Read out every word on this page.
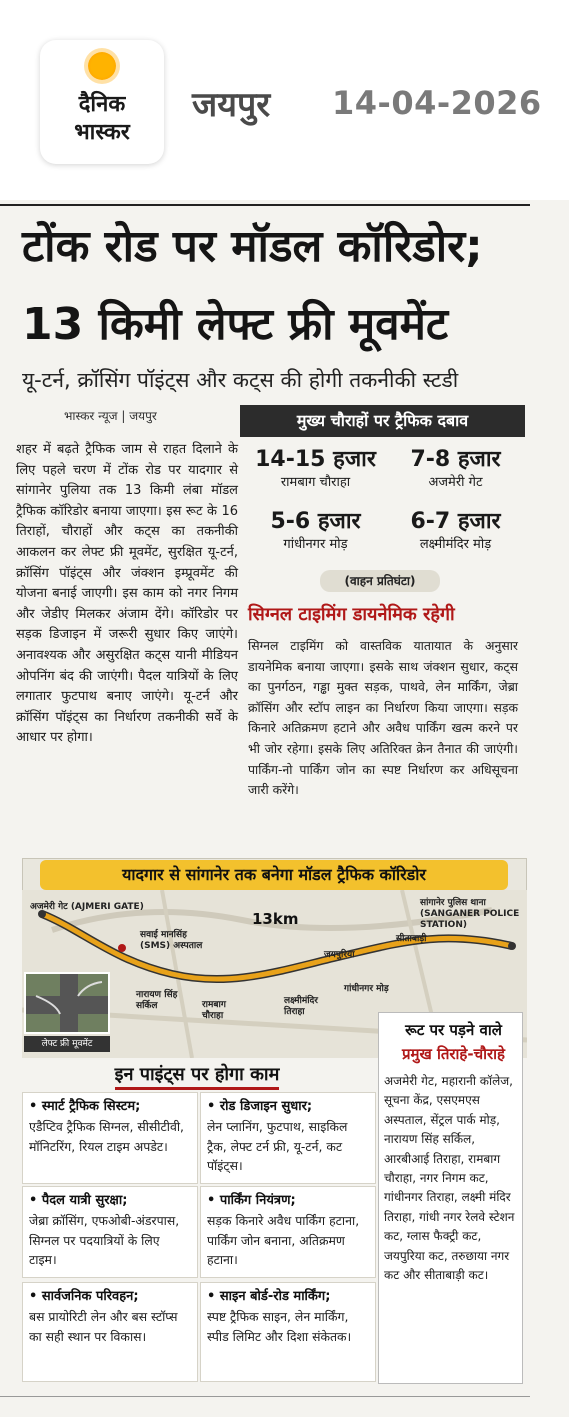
दैनिक
भास्कर
जयपुर 14-04-2026
टोंक रोड पर मॉडल कॉरिडोर;
13 किमी लेफ्ट फ्री मूवमेंट
यू-टर्न, क्रॉसिंग पॉइंट्स और कट्स की होगी तकनीकी स्टडी
भास्कर न्यूज | जयपुर
शहर में बढ़ते ट्रैफिक जाम से राहत दिलाने के लिए पहले चरण में टोंक रोड पर यादगार से सांगानेर पुलिया तक 13 किमी लंबा मॉडल ट्रैफिक कॉरिडोर बनाया जाएगा। इस रूट के 16 तिराहों, चौराहों और कट्स का तकनीकी आकलन कर लेफ्ट फ्री मूवमेंट, सुरक्षित यू-टर्न, क्रॉसिंग पॉइंट्स और जंक्शन इम्प्रूवमेंट की योजना बनाई जाएगी। इस काम को नगर निगम और जेडीए मिलकर अंजाम देंगे। कॉरिडोर पर सड़क डिजाइन में जरूरी सुधार किए जाएंगे। अनावश्यक और असुरक्षित कट्स यानी मीडियन ओपनिंग बंद की जाएंगी। पैदल यात्रियों के लिए लगातार फुटपाथ बनाए जाएंगे। यू-टर्न और क्रॉसिंग पॉइंट्स का निर्धारण तकनीकी सर्वे के आधार पर होगा।
मुख्य चौराहों पर ट्रैफिक दबाव
14-15 हजार
रामबाग चौराहा
7-8 हजार
अजमेरी गेट
5-6 हजार
गांधीनगर मोड़
6-7 हजार
लक्ष्मीमंदिर मोड़
(वाहन प्रतिघंटा)
सिग्नल टाइमिंग डायनेमिक रहेगी
सिग्नल टाइमिंग को वास्तविक यातायात के अनुसार डायनेमिक बनाया जाएगा। इसके साथ जंक्शन सुधार, कट्स का पुनर्गठन, गड्ढा मुक्त सड़क, पाथवे, लेन मार्किंग, जेब्रा क्रॉसिंग और स्टॉप लाइन का निर्धारण किया जाएगा। सड़क किनारे अतिक्रमण हटाने और अवैध पार्किंग खत्म करने पर भी जोर रहेगा। इसके लिए अतिरिक्त क्रेन तैनात की जाएंगी। पार्किंग-नो पार्किंग जोन का स्पष्ट निर्धारण कर अधिसूचना जारी करेंगे।
यादगार से सांगानेर तक बनेगा मॉडल ट्रैफिक कॉरिडोर
13km
अजमेरी गेट (AJMERI GATE)
सवाई मानसिंह (SMS) अस्पताल
नारायण सिंह सर्किल	रामबाग चौराहा
लक्ष्मीमंदिर तिराहा
गांधीनगर मोड़
जयपुरिया
सीताबाड़ी
सांगानेर पुलिस थाना (SANGANER POLICE STATION)
लेफ्ट फ्री मूवमेंट
रूट पर पड़ने वाले
प्रमुख तिराहे-चौराहे
अजमेरी गेट, महारानी कॉलेज, सूचना केंद्र, एसएमएस अस्पताल, सेंट्रल पार्क मोड़, नारायण सिंह सर्किल, आरबीआई तिराहा, रामबाग चौराहा, नगर निगम कट, गांधीनगर तिराहा, लक्ष्मी मंदिर तिराहा, गांधी नगर रेलवे स्टेशन कट, ग्लास फैक्ट्री कट, जयपुरिया कट, तरुछाया नगर कट और सीताबाड़ी कट।
इन पाइंट्स पर होगा काम
• स्मार्ट ट्रैफिक सिस्टम;
एडैप्टिव ट्रैफिक सिग्नल, सीसीटीवी, मॉनिटरिंग, रियल टाइम अपडेट।
• रोड डिजाइन सुधार;
लेन प्लानिंग, फुटपाथ, साइकिल ट्रैक, लेफ्ट टर्न फ्री, यू-टर्न, कट पॉइंट्स।
• पैदल यात्री सुरक्षा;
जेब्रा क्रॉसिंग, एफओबी-अंडरपास, सिग्नल पर पदयात्रियों के लिए टाइम।
• पार्किंग नियंत्रण;
सड़क किनारे अवैध पार्किंग हटाना, पार्किंग जोन बनाना, अतिक्रमण हटाना।
• सार्वजनिक परिवहन;
बस प्रायोरिटी लेन और बस स्टॉप्स का सही स्थान पर विकास।
• साइन बोर्ड-रोड मार्किंग;
स्पष्ट ट्रैफिक साइन, लेन मार्किंग, स्पीड लिमिट और दिशा संकेतक।
